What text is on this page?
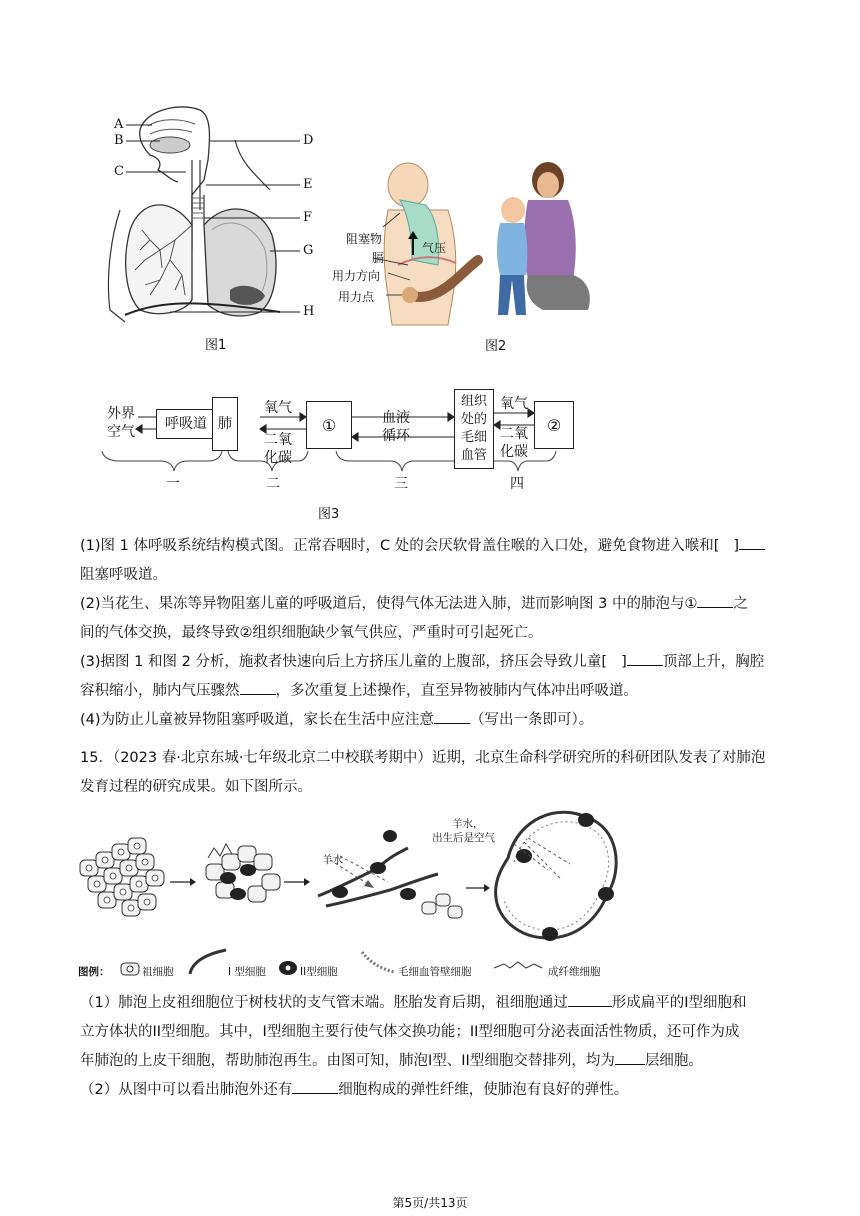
A
B
C
D
E
F
G
H
图1
阻塞物
膈
气压
用力方向
用力点
图2
外界
空气
呼吸道 肺
氧气
二氧
化碳
①	血液
循环
组织
处的
毛细
血管
氧气
二氧
化碳
②
一	二	三	四
图3

(1)图 1 体呼吸系统结构模式图。正常吞咽时，C 处的会厌软骨盖住喉的入口处，避免食物进入喉和[ ]

阻塞呼吸道。

(2)当花生、果冻等异物阻塞儿童的呼吸道后，使得气体无法进入肺，进而影响图 3 中的肺泡与① 之

间的气体交换，最终导致②组织细胞缺少氧气供应，严重时可引起死亡。

(3)据图 1 和图 2 分析，施救者快速向后上方挤压儿童的上腹部，挤压会导致儿童[ ] 顶部上升，胸腔

容积缩小，肺内气压骤然 ，多次重复上述操作，直至异物被肺内气体冲出呼吸道。

(4)为防止儿童被异物阻塞呼吸道，家长在生活中应注意 （写出一条即可）。

15．（2023 春·北京东城·七年级北京二中校联考期中）近期，北京生命科学研究所的科研团队发表了对肺泡

发育过程的研究成果。如下图所示。

羊水
羊水，
出生后是空气
图例：	祖细胞	I 型细胞	II型细胞	毛细血管壁细胞	成纤维细胞

（1）肺泡上皮祖细胞位于树枝状的支气管末端。胚胎发育后期，祖细胞通过	形成扁平的I型细胞和

立方体状的II型细胞。其中，I型细胞主要行使气体交换功能；II型细胞可分泌表面活性物质，还可作为成

年肺泡的上皮干细胞，帮助肺泡再生。由图可知，肺泡I型、II型细胞交替排列，均为 层细胞。

（2）从图中可以看出肺泡外还有	细胞构成的弹性纤维，使肺泡有良好的弹性。

第5页/共13页
